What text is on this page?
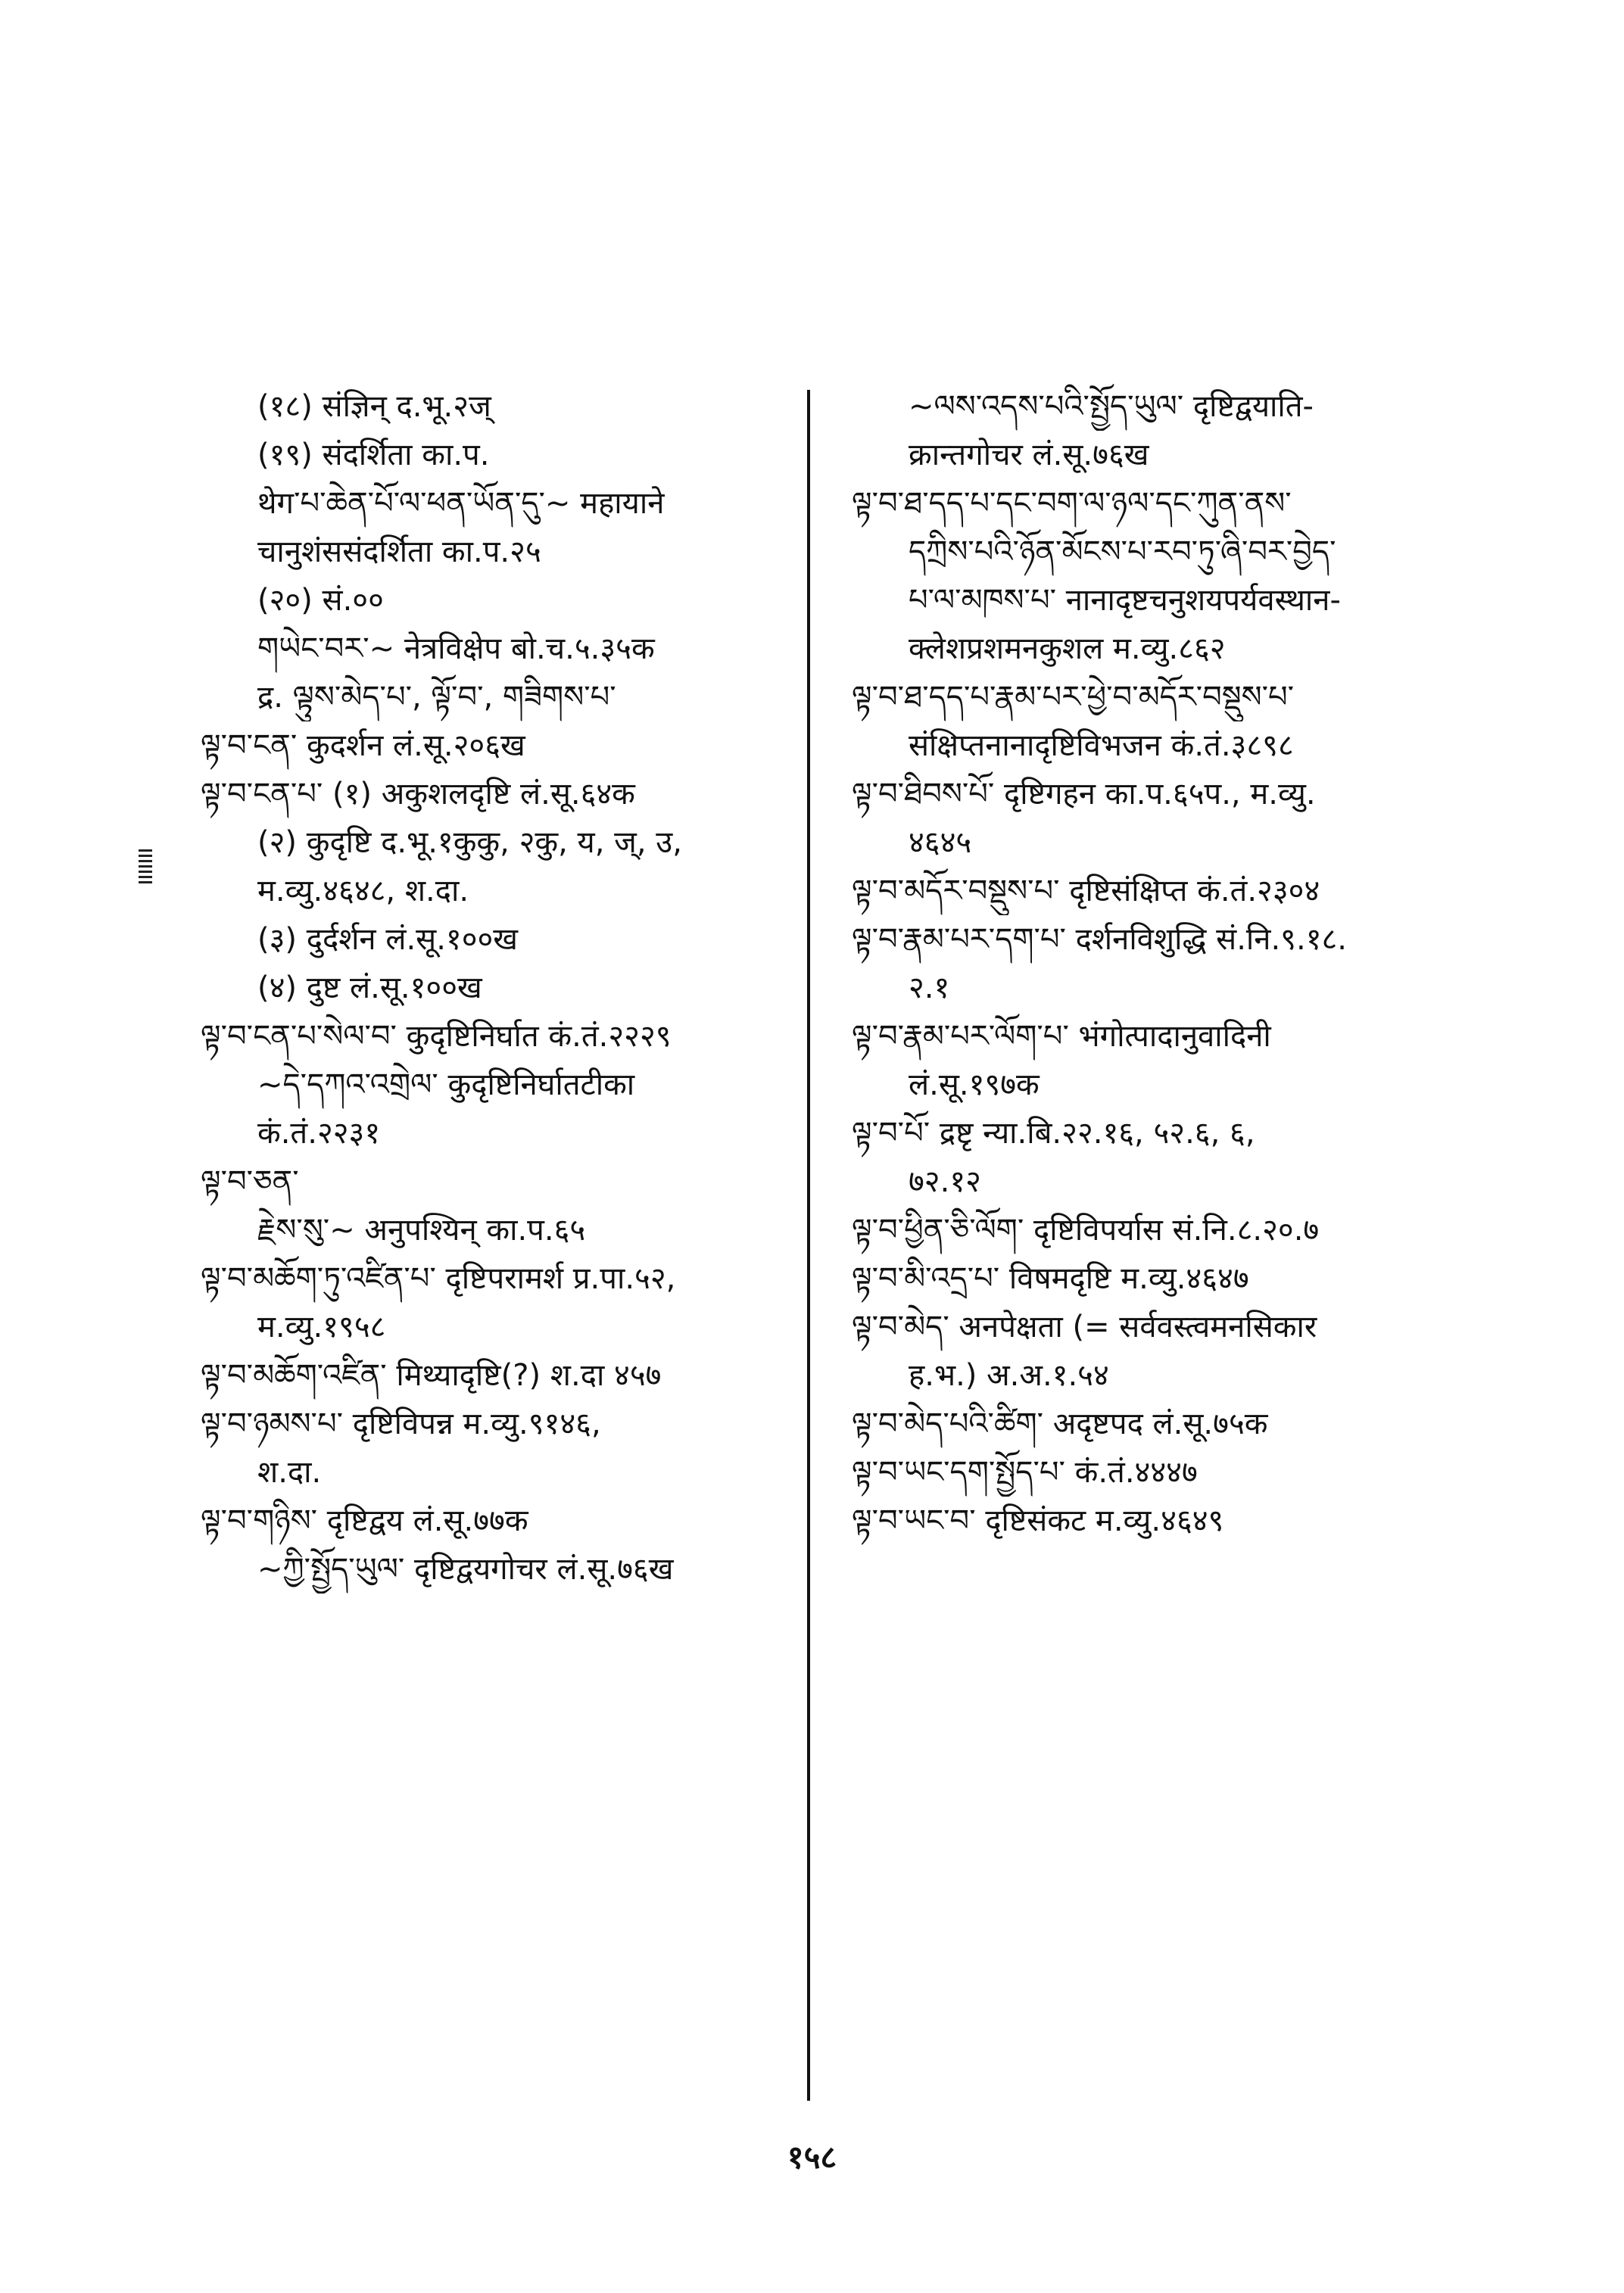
(१८) संज्ञिन् द.भू.२ज्
(१९) संदर्शिता का.प.
थेग་པ་ཆེན་པོ་ལ་ཕན་ཡོན་དུ་~ महायाने
चानुशंससंदर्शिता का.प.२५
(२०) सं.००
གཡེང་བར་~ नेत्रविक्षेप बो.च.५.३५क
द्र. ལྟུས་མེད་པ་, ལྟོ་བ་, གཟིགས་པ་
ལྟ་བ་ངན་ कुदर्शन लं.सू.२०६ख
ལྟ་བ་ངན་པ་ (१) अकुशलदृष्टि लं.सू.६४क
(२) कुदृष्टि द.भू.१कुकु, २कु, य, ज्, उ,
म.व्यु.४६४८, श.दा.
(३) दुर्दर्शन लं.सू.१००ख
(४) दुष्ट लं.सू.१००ख
ལྟ་བ་ངན་པ་སེལ་བ་ कुदृष्टिनिर्घात कं.तं.२२२९
~དེ་དཀའ་འགྲེལ་ कुदृष्टिनिर्घातटीका
कं.तं.२२३१
ལྟ་བ་ཅན་
རྗེས་སུ་~ अनुपश्यिन् का.प.६५
ལྟ་བ་མཆོག་ཏུ་འཛིན་པ་ दृष्टिपरामर्श प्र.पा.५२,
म.व्यु.१९५८
ལྟ་བ་མཆོག་འཛིན་ मिथ्यादृष्टि(?) श.दा ४५७
ལྟ་བ་ཉམས་པ་ दृष्टिविपन्न म.व्यु.९१४६,
श.दा.
ལྟ་བ་གཉིས་ दृष्टिद्वय लं.सू.७७क
~ཀྱི་སྤྱོད་ཡུལ་ दृष्टिद्वयगोचर लं.सू.७६ख
~ལས་འདས་པའི་སྤྱོད་ཡུལ་ दृष्टिद्वयाति-
क्रान्तगोचर लं.सू.७६ख
ལྟ་བ་ཐ་དད་པ་དང་བག་ལ་ཉལ་དང་ཀུན་ནས་
དཀྲིས་པའི་ཉོན་མོངས་པ་རབ་ཏུ་ཞི་བར་བྱེད་
པ་ལ་མཁས་པ་ नानादृष्टचनुशयपर्यवस्थान-
क्लेशप्रशमनकुशल म.व्यु.८६२
ལྟ་བ་ཐ་དད་པ་རྣམ་པར་ཕྱེ་བ་མདོར་བསྡུས་པ་
संक्षिप्तनानादृष्टिविभजन कं.तं.३८९८
ལྟ་བ་ཐིབས་པོ་ दृष्टिगहन का.प.६५प., म.व्यु.
४६४५
ལྟ་བ་མདོར་བསྡུས་པ་ दृष्टिसंक्षिप्त कं.तं.२३०४
ལྟ་བ་རྣམ་པར་དག་པ་ दर्शनविशुद्धि सं.नि.९.१८.
२.१
ལྟ་བ་རྣམ་པར་ལོག་པ་ भंगोत्पादानुवादिनी
लं.सू.१९७क
ལྟ་བ་པོ་ द्रष्टृ न्या.बि.२२.१६, ५२.६, ६,
७२.१२
ལྟ་བ་ཕྱིན་ཅི་ལོག་ दृष्टिविपर्यास सं.नि.८.२०.७
ལྟ་བ་མི་འདྲ་པ་ विषमदृष्टि म.व्यु.४६४७
ལྟ་བ་མེད་ अनपेक्षता (= सर्ववस्त्वमनसिकार
ह.भ.) अ.अ.१.५४
ལྟ་བ་མེད་པའི་ཚིག་ अदृष्टपद लं.सू.७५क
ལྟ་བ་ཡང་དག་སྤྱོད་པ་ कं.तं.४४४७
ལྟ་བ་ཡང་བ་ दृष्टिसंकट म.व्यु.४६४९
१५८
